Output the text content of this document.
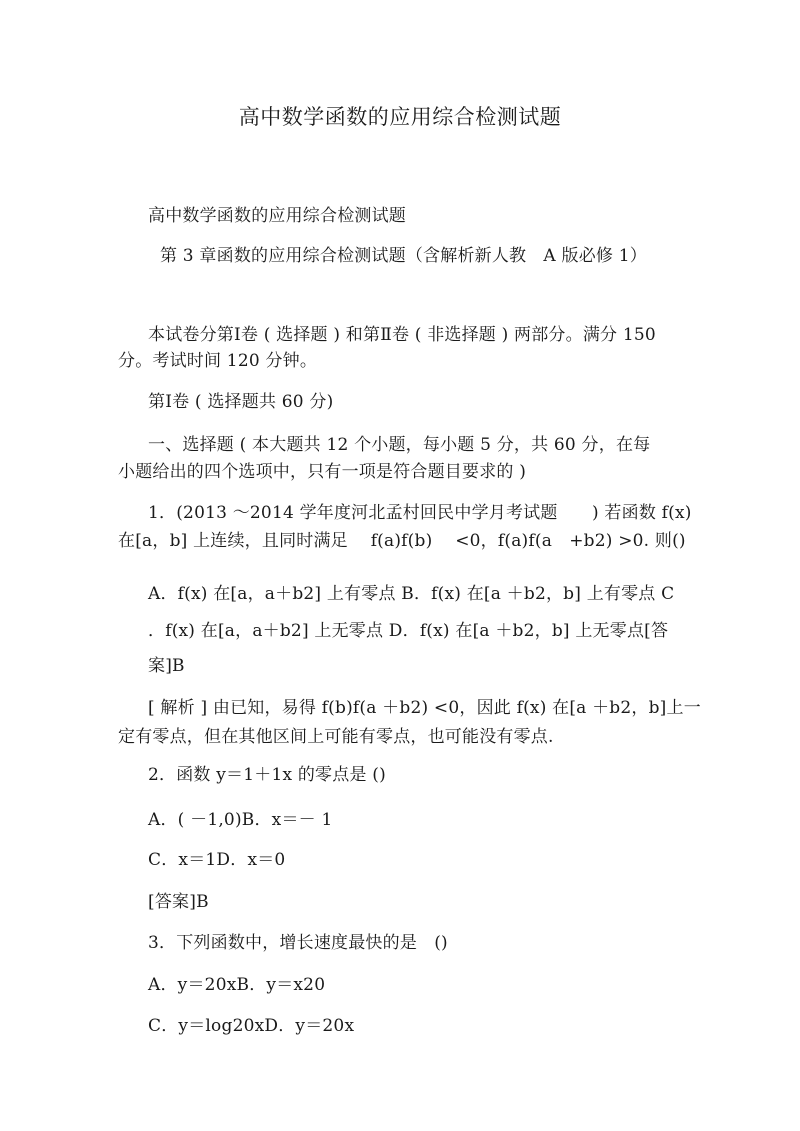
高中数学函数的应用综合检测试题
高中数学函数的应用综合检测试题
第 3 章函数的应用综合检测试题（含解析新人教　A 版必修 1）
本试卷分第Ⅰ卷 ( 选择题 ) 和第Ⅱ卷 ( 非选择题 ) 两部分。满分 150
分。考试时间 120 分钟。
第Ⅰ卷 ( 选择题共 60 分)
一、选择题 ( 本大题共 12 个小题，每小题 5 分，共 60 分，在每
小题给出的四个选项中，只有一项是符合题目要求的 )
1．(2013 ～2014 学年度河北孟村回民中学月考试题　　) 若函数 f(x)
在[a，b] 上连续，且同时满足　 f(a)f(b)　 <0，f(a)f(a　+b2) >0. 则()
A．f(x) 在[a，a＋b2] 上有零点 B．f(x) 在[a ＋b2，b] 上有零点 C
．f(x) 在[a，a＋b2] 上无零点 D．f(x) 在[a ＋b2，b] 上无零点[答
案]B
[ 解析 ] 由已知，易得 f(b)f(a ＋b2) <0，因此 f(x) 在[a ＋b2，b]上一
定有零点，但在其他区间上可能有零点，也可能没有零点.
2．函数 y＝1＋1x 的零点是 ()
A．( －1,0)B．x＝－ 1
C．x＝1D．x＝0
[答案]B
3．下列函数中，增长速度最快的是　()
A．y＝20xB．y＝x20
C．y＝log20xD．y＝20x
